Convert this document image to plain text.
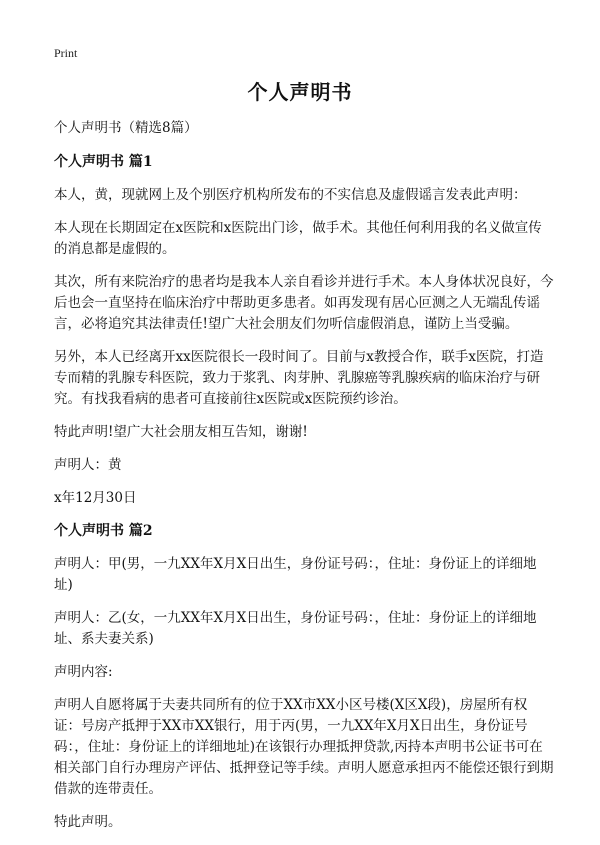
Print
个人声明书

个人声明书（精选8篇）

个人声明书 篇1

本人，黄，现就网上及个别医疗机构所发布的不实信息及虚假谣言发表此声明：

本人现在长期固定在x医院和x医院出门诊，做手术。其他任何利用我的名义做宣传的消息都是虚假的。

其次，所有来院治疗的患者均是我本人亲自看诊并进行手术。本人身体状况良好，今后也会一直坚持在临床治疗中帮助更多患者。如再发现有居心叵测之人无端乱传谣言，必将追究其法律责任!望广大社会朋友们勿听信虚假消息，谨防上当受骗。

另外，本人已经离开xx医院很长一段时间了。目前与x教授合作，联手x医院，打造专而精的乳腺专科医院，致力于浆乳、肉芽肿、乳腺癌等乳腺疾病的临床治疗与研究。有找我看病的患者可直接前往x医院或x医院预约诊治。

特此声明!望广大社会朋友相互告知，谢谢!

声明人：黄

x年12月30日

个人声明书 篇2

声明人：甲(男，一九XX年X月X日出生，身份证号码：，住址：身份证上的详细地址)

声明人：乙(女，一九XX年X月X日出生，身份证号码：，住址：身份证上的详细地址、系夫妻关系)

声明内容:

声明人自愿将属于夫妻共同所有的位于XX市XX小区号楼(X区X段)，房屋所有权证：号房产抵押于XX市XX银行，用于丙(男，一九XX年X月X日出生，身份证号码：，住址：身份证上的详细地址)在该银行办理抵押贷款,丙持本声明书公证书可在相关部门自行办理房产评估、抵押登记等手续。声明人愿意承担丙不能偿还银行到期借款的连带责任。

特此声明。
